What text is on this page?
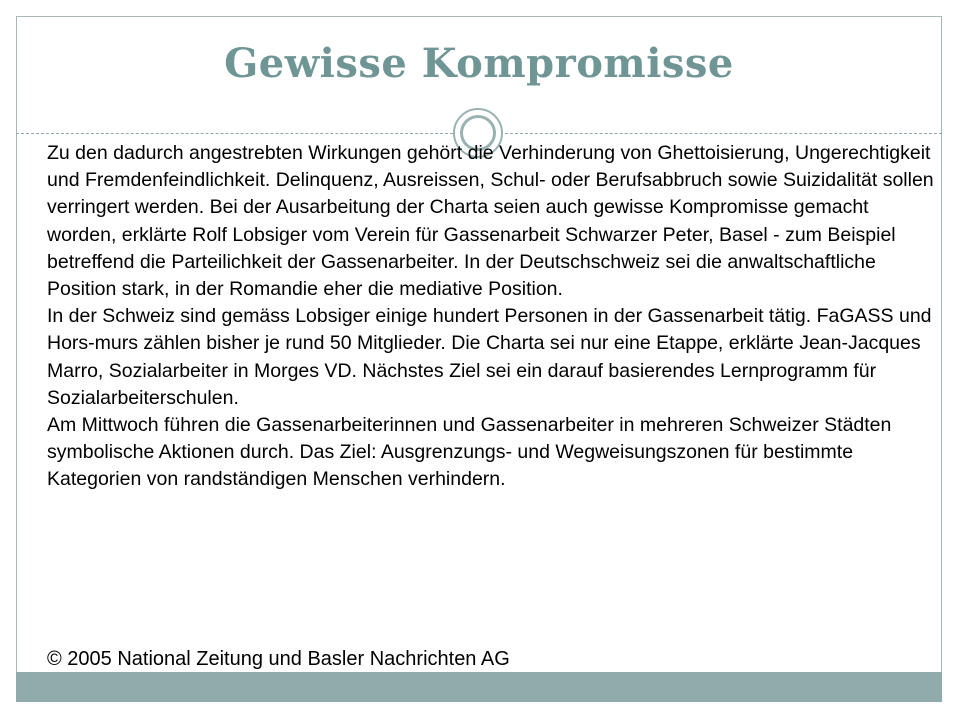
Gewisse Kompromisse

Zu den dadurch angestrebten Wirkungen gehört die Verhinderung von Ghettoisierung, Ungerechtigkeit und Fremdenfeindlichkeit. Delinquenz, Ausreissen, Schul- oder Berufsabbruch sowie Suizidalität sollen verringert werden. Bei der Ausarbeitung der Charta seien auch gewisse Kompromisse gemacht worden, erklärte Rolf Lobsiger vom Verein für Gassenarbeit Schwarzer Peter, Basel - zum Beispiel betreffend die Parteilichkeit der Gassenarbeiter. In der Deutschschweiz sei die anwaltschaftliche Position stark, in der Romandie eher die mediative Position.

In der Schweiz sind gemäss Lobsiger einige hundert Personen in der Gassenarbeit tätig. FaGASS und Hors-murs zählen bisher je rund 50 Mitglieder. Die Charta sei nur eine Etappe, erklärte Jean-Jacques Marro, Sozialarbeiter in Morges VD. Nächstes Ziel sei ein darauf basierendes Lernprogramm für Sozialarbeiterschulen.

Am Mittwoch führen die Gassenarbeiterinnen und Gassenarbeiter in mehreren Schweizer Städten symbolische Aktionen durch. Das Ziel: Ausgrenzungs- und Wegweisungszonen für bestimmte Kategorien von randständigen Menschen verhindern.

© 2005 National Zeitung und Basler Nachrichten AG
